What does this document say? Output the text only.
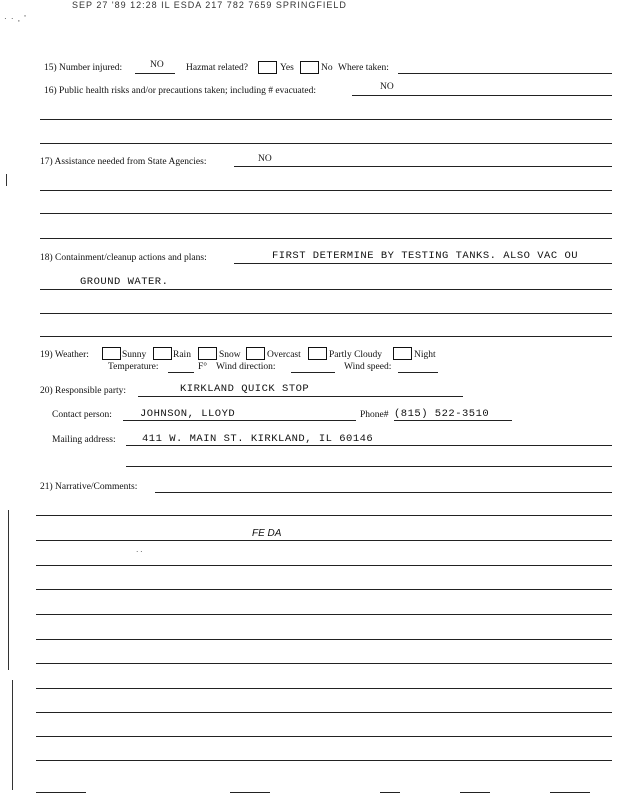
SEP 27 '89 12:28 IL ESDA 217 782 7659 SPRINGFIELD
· · , '
15) Number injured:	NO Hazmat related?	Yes	No Where taken:
16) Public health risks and/or precautions taken; including # evacuated:	NO
17) Assistance needed from State Agencies:	NO
18) Containment/cleanup actions and plans:	FIRST DETERMINE BY TESTING TANKS. ALSO VAC OU
GROUND WATER.
19) Weather:	Sunny	Rain	Snow	Overcast	Partly Cloudy	Night
Temperature:	F° Wind direction:	Wind speed:
20) Responsible party:	KIRKLAND QUICK STOP
Contact person:	JOHNSON, LLOYD	Phone# (815) 522-3510
Mailing address:	411 W. MAIN ST. KIRKLAND, IL 60146
21) Narrative/Comments:
FE DA
· ·
